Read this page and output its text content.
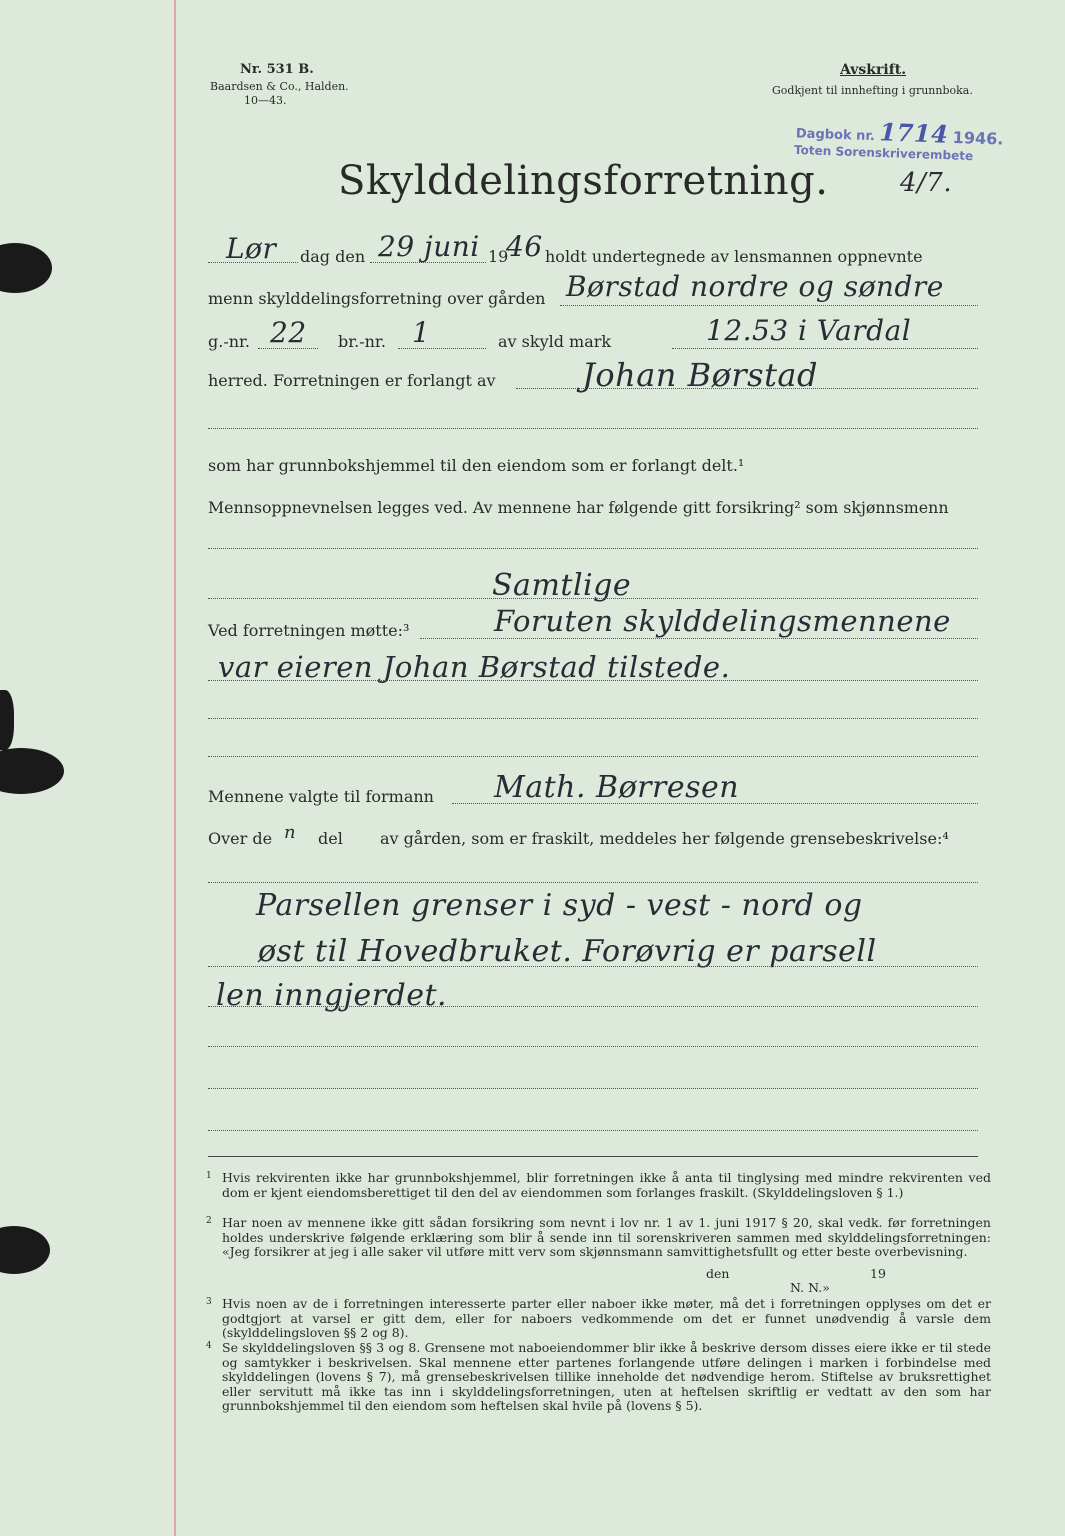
Nr. 531 B.
Baardsen & Co., Halden.
10—43.
Avskrift.
Godkjent til innhefting i grunnboka.
Dagbok nr. 1714 1946.
Toten Sorenskriverembete
4/7.
Skylddelingsforretning.
Lør dag den 29 juni 19
46 holdt undertegnede av lensmannen oppnevnte
menn skylddelingsforretning over gården Børstad nordre og søndre
g.-nr. 22 br.-nr. 1	av skyld mark	12.53 i Vardal
herred. Forretningen er forlangt av	Johan Børstad
som har grunnbokshjemmel til den eiendom som er forlangt delt.¹
Mennsoppnevnelsen legges ved. Av mennene har følgende gitt forsikring² som skjønnsmenn
Samtlige
Ved forretningen møtte:³	Foruten skylddelingsmennene
var eieren Johan Børstad tilstede.
Mennene valgte til formann Math. Børresen
Over de n del av gården, som er fraskilt, meddeles her følgende grensebeskrivelse:⁴
Parsellen grenser i syd - vest - nord og
øst til Hovedbruket. Forøvrig er parsell
len inngjerdet.
1 Hvis rekvirenten ikke har grunnbokshjemmel, blir forretningen ikke å anta til tinglysing med mindre rekvirenten ved dom er kjent eiendomsberettiget til den del av eiendommen som forlanges fraskilt. (Skylddelingsloven § 1.)
2 Har noen av mennene ikke gitt sådan forsikring som nevnt i lov nr. 1 av 1. juni 1917 § 20, skal vedk. før forretningen holdes underskrive følgende erklæring som blir å sende inn til sorenskriveren sammen med skylddelingsforretningen: «Jeg forsikrer at jeg i alle saker vil utføre mitt verv som skjønnsmann samvittighetsfullt og etter beste overbevisning.
den	19
N. N.»
3 Hvis noen av de i forretningen interesserte parter eller naboer ikke møter, må det i forretningen opplyses om det er godtgjort at varsel er gitt dem, eller for naboers vedkommende om det er funnet unødvendig å varsle dem (skylddelingsloven §§ 2 og 8).
4 Se skylddelingsloven §§ 3 og 8. Grensene mot naboeiendommer blir ikke å beskrive dersom disses eiere ikke er til stede og samtykker i beskrivelsen. Skal mennene etter partenes forlangende utføre delingen i marken i forbindelse med skylddelingen (lovens § 7), må grensebeskrivelsen tillike inneholde det nødvendige herom. Stiftelse av bruksrettighet eller servitutt må ikke tas inn i skylddelingsforretningen, uten at heftelsen skriftlig er vedtatt av den som har grunnbokshjemmel til den eiendom som heftelsen skal hvile på (lovens § 5).
